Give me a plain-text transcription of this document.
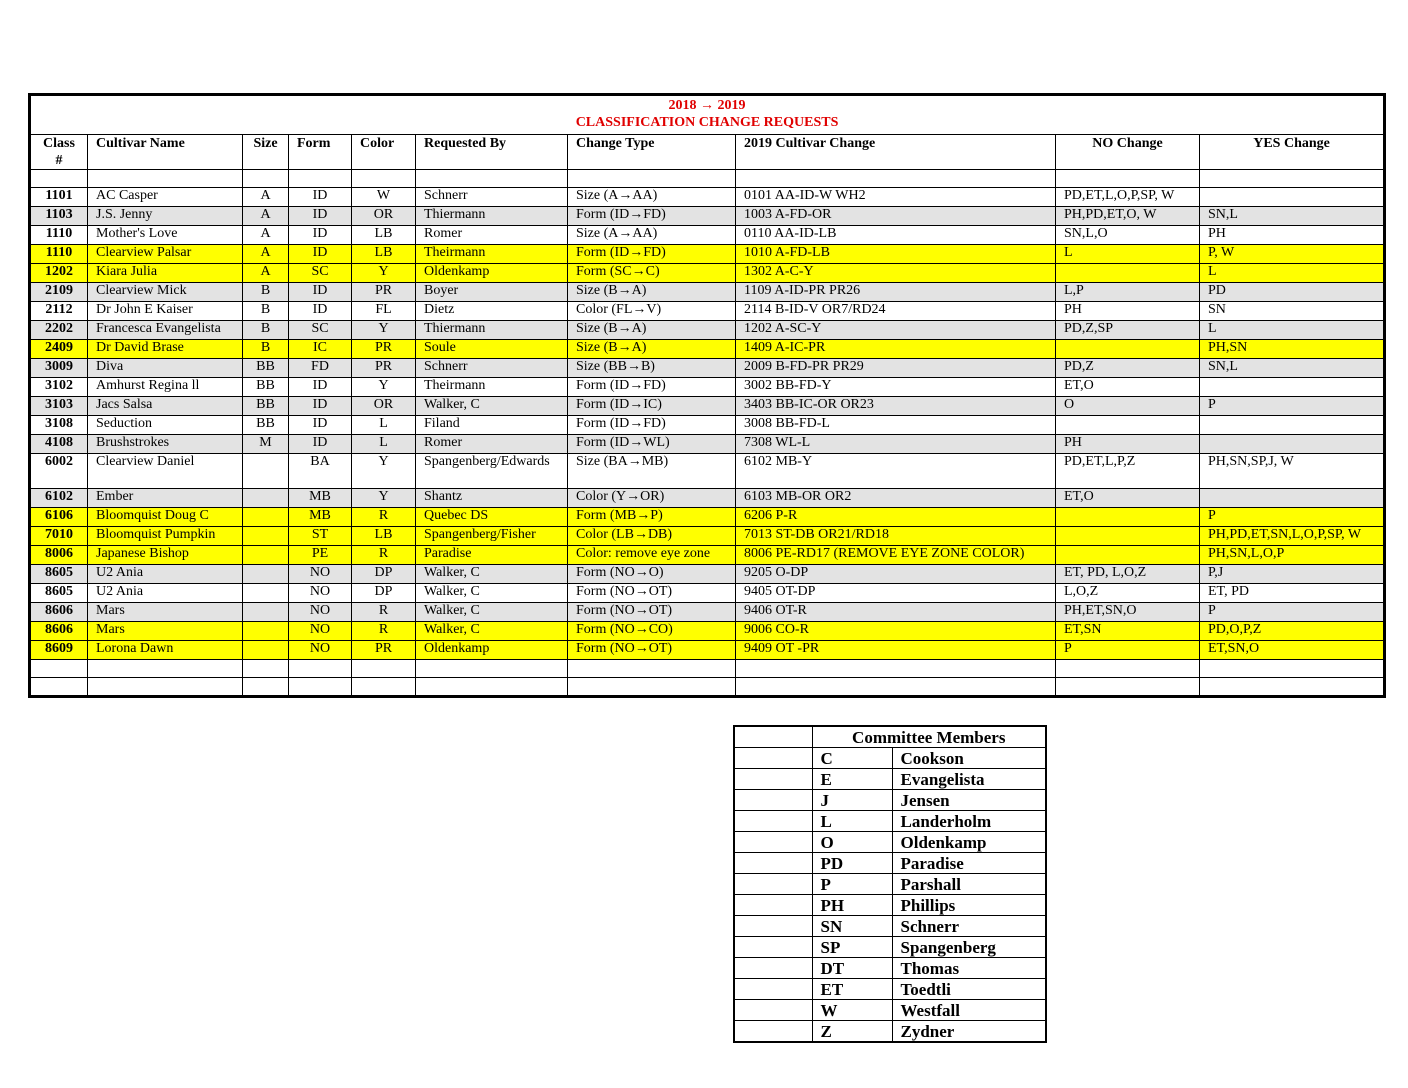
2018 → 2019
CLASSIFICATION CHANGE REQUESTS									

Class #	Cultivar Name	Size	Form	Color	Requested By	Change Type	2019 Cultivar Change	NO Change	YES Change

1101	AC Casper	A	ID	W	Schnerr	Size (A→AA)	0101 AA-ID-W WH2	PD,ET,L,O,P,SP, W	
1103	J.S. Jenny	A	ID	OR	Thiermann	Form (ID→FD)	1003 A-FD-OR	PH,PD,ET,O, W	SN,L
1110	Mother's Love	A	ID	LB	Romer	Size (A→AA)	0110 AA-ID-LB	SN,L,O	PH
1110	Clearview Palsar	A	ID	LB	Theirmann	Form (ID→FD)	1010 A-FD-LB	L	P, W
1202	Kiara Julia	A	SC	Y	Oldenkamp	Form (SC→C)	1302 A-C-Y		L
2109	Clearview Mick	B	ID	PR	Boyer	Size (B→A)	1109 A-ID-PR PR26	L,P	PD
2112	Dr John E Kaiser	B	ID	FL	Dietz	Color (FL→V)	2114 B-ID-V OR7/RD24	PH	SN
2202	Francesca Evangelista	B	SC	Y	Thiermann	Size (B→A)	1202 A-SC-Y	PD,Z,SP	L
2409	Dr David Brase	B	IC	PR	Soule	Size (B→A)	1409 A-IC-PR		PH,SN
3009	Diva	BB	FD	PR	Schnerr	Size (BB→B)	2009 B-FD-PR PR29	PD,Z	SN,L
3102	Amhurst Regina ll	BB	ID	Y	Theirmann	Form (ID→FD)	3002 BB-FD-Y	ET,O	
3103	Jacs Salsa	BB	ID	OR	Walker, C	Form (ID→IC)	3403 BB-IC-OR OR23	O	P
3108	Seduction	BB	ID	L	Filand	Form (ID→FD)	3008 BB-FD-L		
4108	Brushstrokes	M	ID	L	Romer	Form (ID→WL)	7308 WL-L	PH	
6002	Clearview Daniel		BA	Y	Spangenberg/Edwards	Size (BA→MB)	6102 MB-Y	PD,ET,L,P,Z	PH,SN,SP,J, W
6102	Ember		MB	Y	Shantz	Color (Y→OR)	6103 MB-OR OR2	ET,O	
6106	Bloomquist Doug C		MB	R	Quebec DS	Form (MB→P)	6206 P-R		P
7010	Bloomquist Pumpkin		ST	LB	Spangenberg/Fisher	Color (LB→DB)	7013 ST-DB OR21/RD18		PH,PD,ET,SN,L,O,P,SP, W
8006	Japanese Bishop		PE	R	Paradise	Color: remove eye zone	8006 PE-RD17 (REMOVE EYE ZONE COLOR)		PH,SN,L,O,P
8605	U2 Ania		NO	DP	Walker, C	Form (NO→O)	9205 O-DP	ET, PD, L,O,Z	P,J
8605	U2 Ania		NO	DP	Walker, C	Form (NO→OT)	9405 OT-DP	L,O,Z	ET, PD
8606	Mars		NO	R	Walker, C	Form (NO→OT)	9406 OT-R	PH,ET,SN,O	P
8606	Mars		NO	R	Walker, C	Form (NO→CO)	9006 CO-R	ET,SN	PD,O,P,Z
8609	Lorona Dawn		NO	PR	Oldenkamp	Form (NO→OT)	9409 OT -PR	P	ET,SN,O

	Committee Members	
	C	Cookson
	E	Evangelista
	J	Jensen
	L	Landerholm
	O	Oldenkamp
	PD	Paradise
	P	Parshall
	PH	Phillips
	SN	Schnerr
	SP	Spangenberg
	DT	Thomas
	ET	Toedtli
	W	Westfall
	Z	Zydner
